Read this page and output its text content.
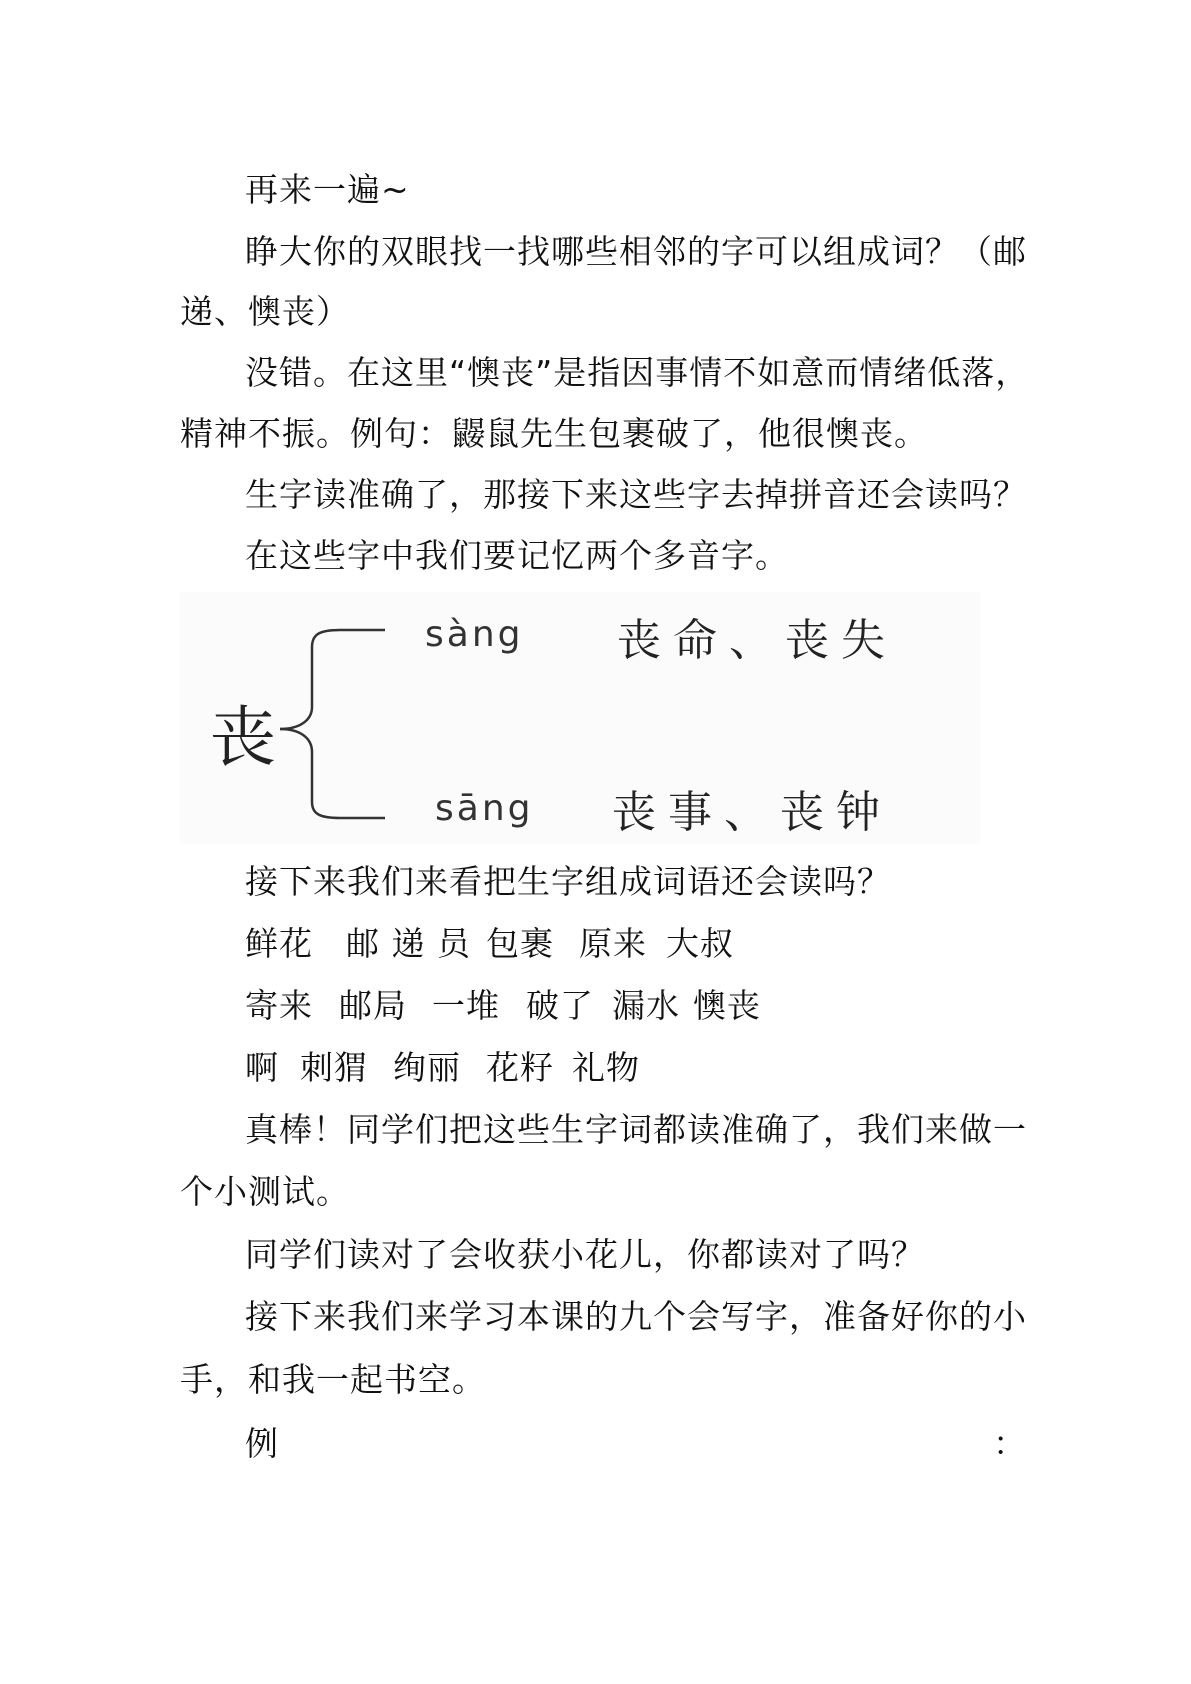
再来一遍~
睁大你的双眼找一找哪些相邻的字可以组成词？（邮
递、懊丧）
没错。在这里“懊丧”是指因事情不如意而情绪低落，
精神不振。例句：鼹鼠先生包裹破了，他很懊丧。
生字读准确了，那接下来这些字去掉拼音还会读吗？
在这些字中我们要记忆两个多音字。
丧
sàng 丧命、丧失
sāng 丧事、丧钟
接下来我们来看把生字组成词语还会读吗？
鲜花 邮 递 员 包裹 原来 大叔
寄来 邮局 一堆 破了 漏水 懊丧
啊 刺猬 绚丽 花籽 礼物
真棒！同学们把这些生字词都读准确了，我们来做一
个小测试。
同学们读对了会收获小花儿，你都读对了吗？
接下来我们来学习本课的九个会写字，准备好你的小
手，和我一起书空。
例	：
